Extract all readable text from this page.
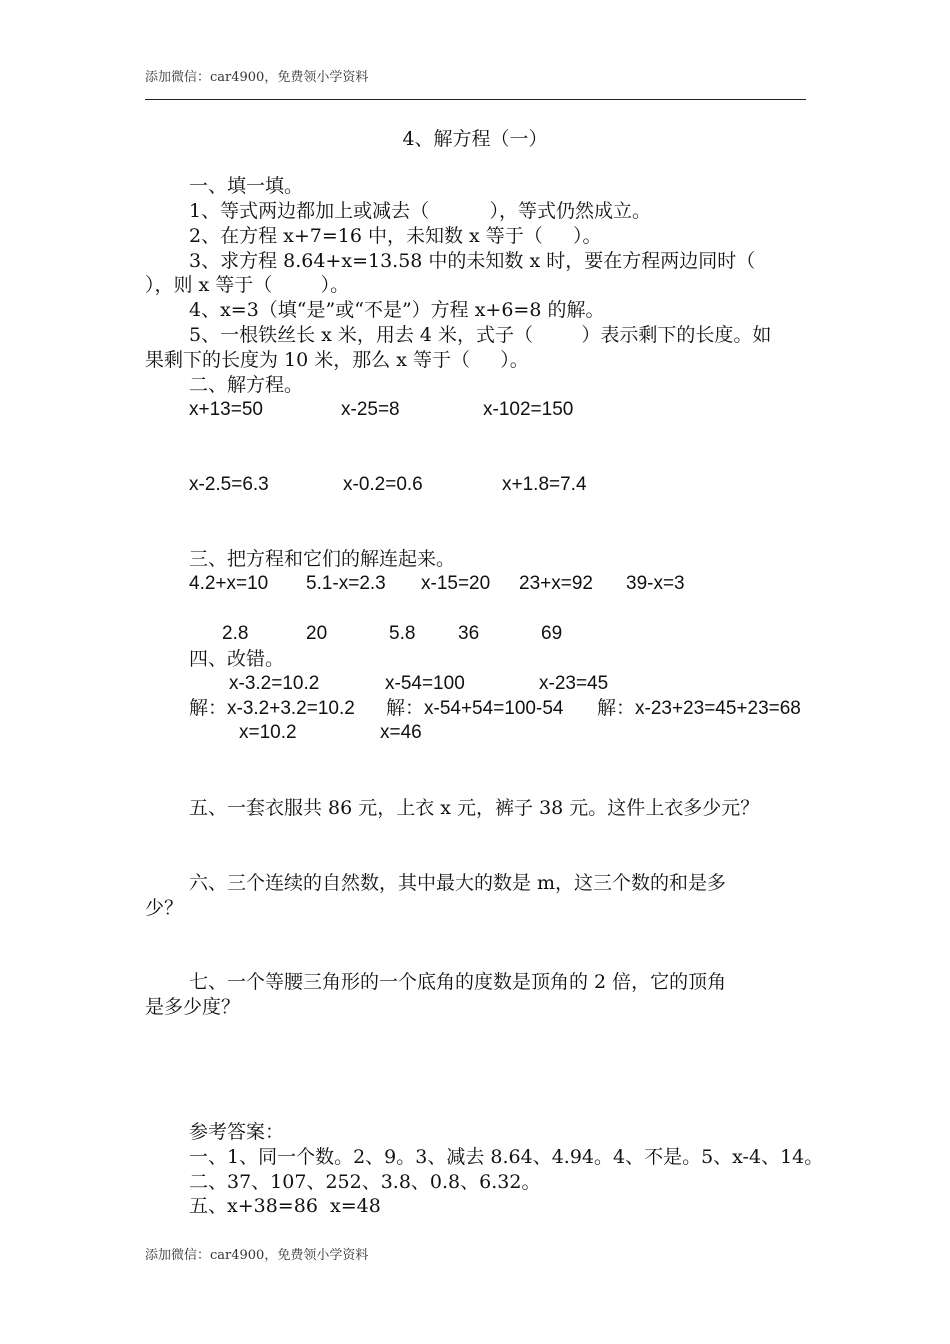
添加微信：car4900，免费领小学资料
4、解方程（一）
一、填一填。
1、等式两边都加上或减去（          ），等式仍然成立。
2、在方程 x+7=16 中，未知数 x 等于（     ）。
3、求方程 8.64+x=13.58 中的未知数 x 时，要在方程两边同时（
），则 x 等于（        ）。
4、x=3（填“是”或“不是”）方程 x+6=8 的解。
5、一根铁丝长 x 米，用去 4 米，式子（        ）表示剩下的长度。如
果剩下的长度为 10 米，那么 x 等于（     ）。
二、解方程。
x+13=50	x-25=8	x-102=150
x-2.5=6.3	x-0.2=0.6	x+1.8=7.4
三、把方程和它们的解连起来。
4.2+x=10 5.1-x=2.3 x-15=20 23+x=92 39-x=3
2.8	20	5.8 36	69
四、改错。
x-3.2=10.2	x-54=100	x-23=45
解：x-3.2+3.2=10.2 解：x-54+54=100-54 解：x-23+23=45+23=68
x=10.2	x=46
五、一套衣服共 86 元，上衣 x 元，裤子 38 元。这件上衣多少元？
六、三个连续的自然数，其中最大的数是 m，这三个数的和是多
少？
七、一个等腰三角形的一个底角的度数是顶角的 2 倍，它的顶角
是多少度？
参考答案：
一、1、同一个数。2、9。3、减去 8.64、4.94。4、不是。5、x-4、14。
二、37、107、252、3.8、0.8、6.32。
五、x+38=86  x=48
添加微信：car4900，免费领小学资料
